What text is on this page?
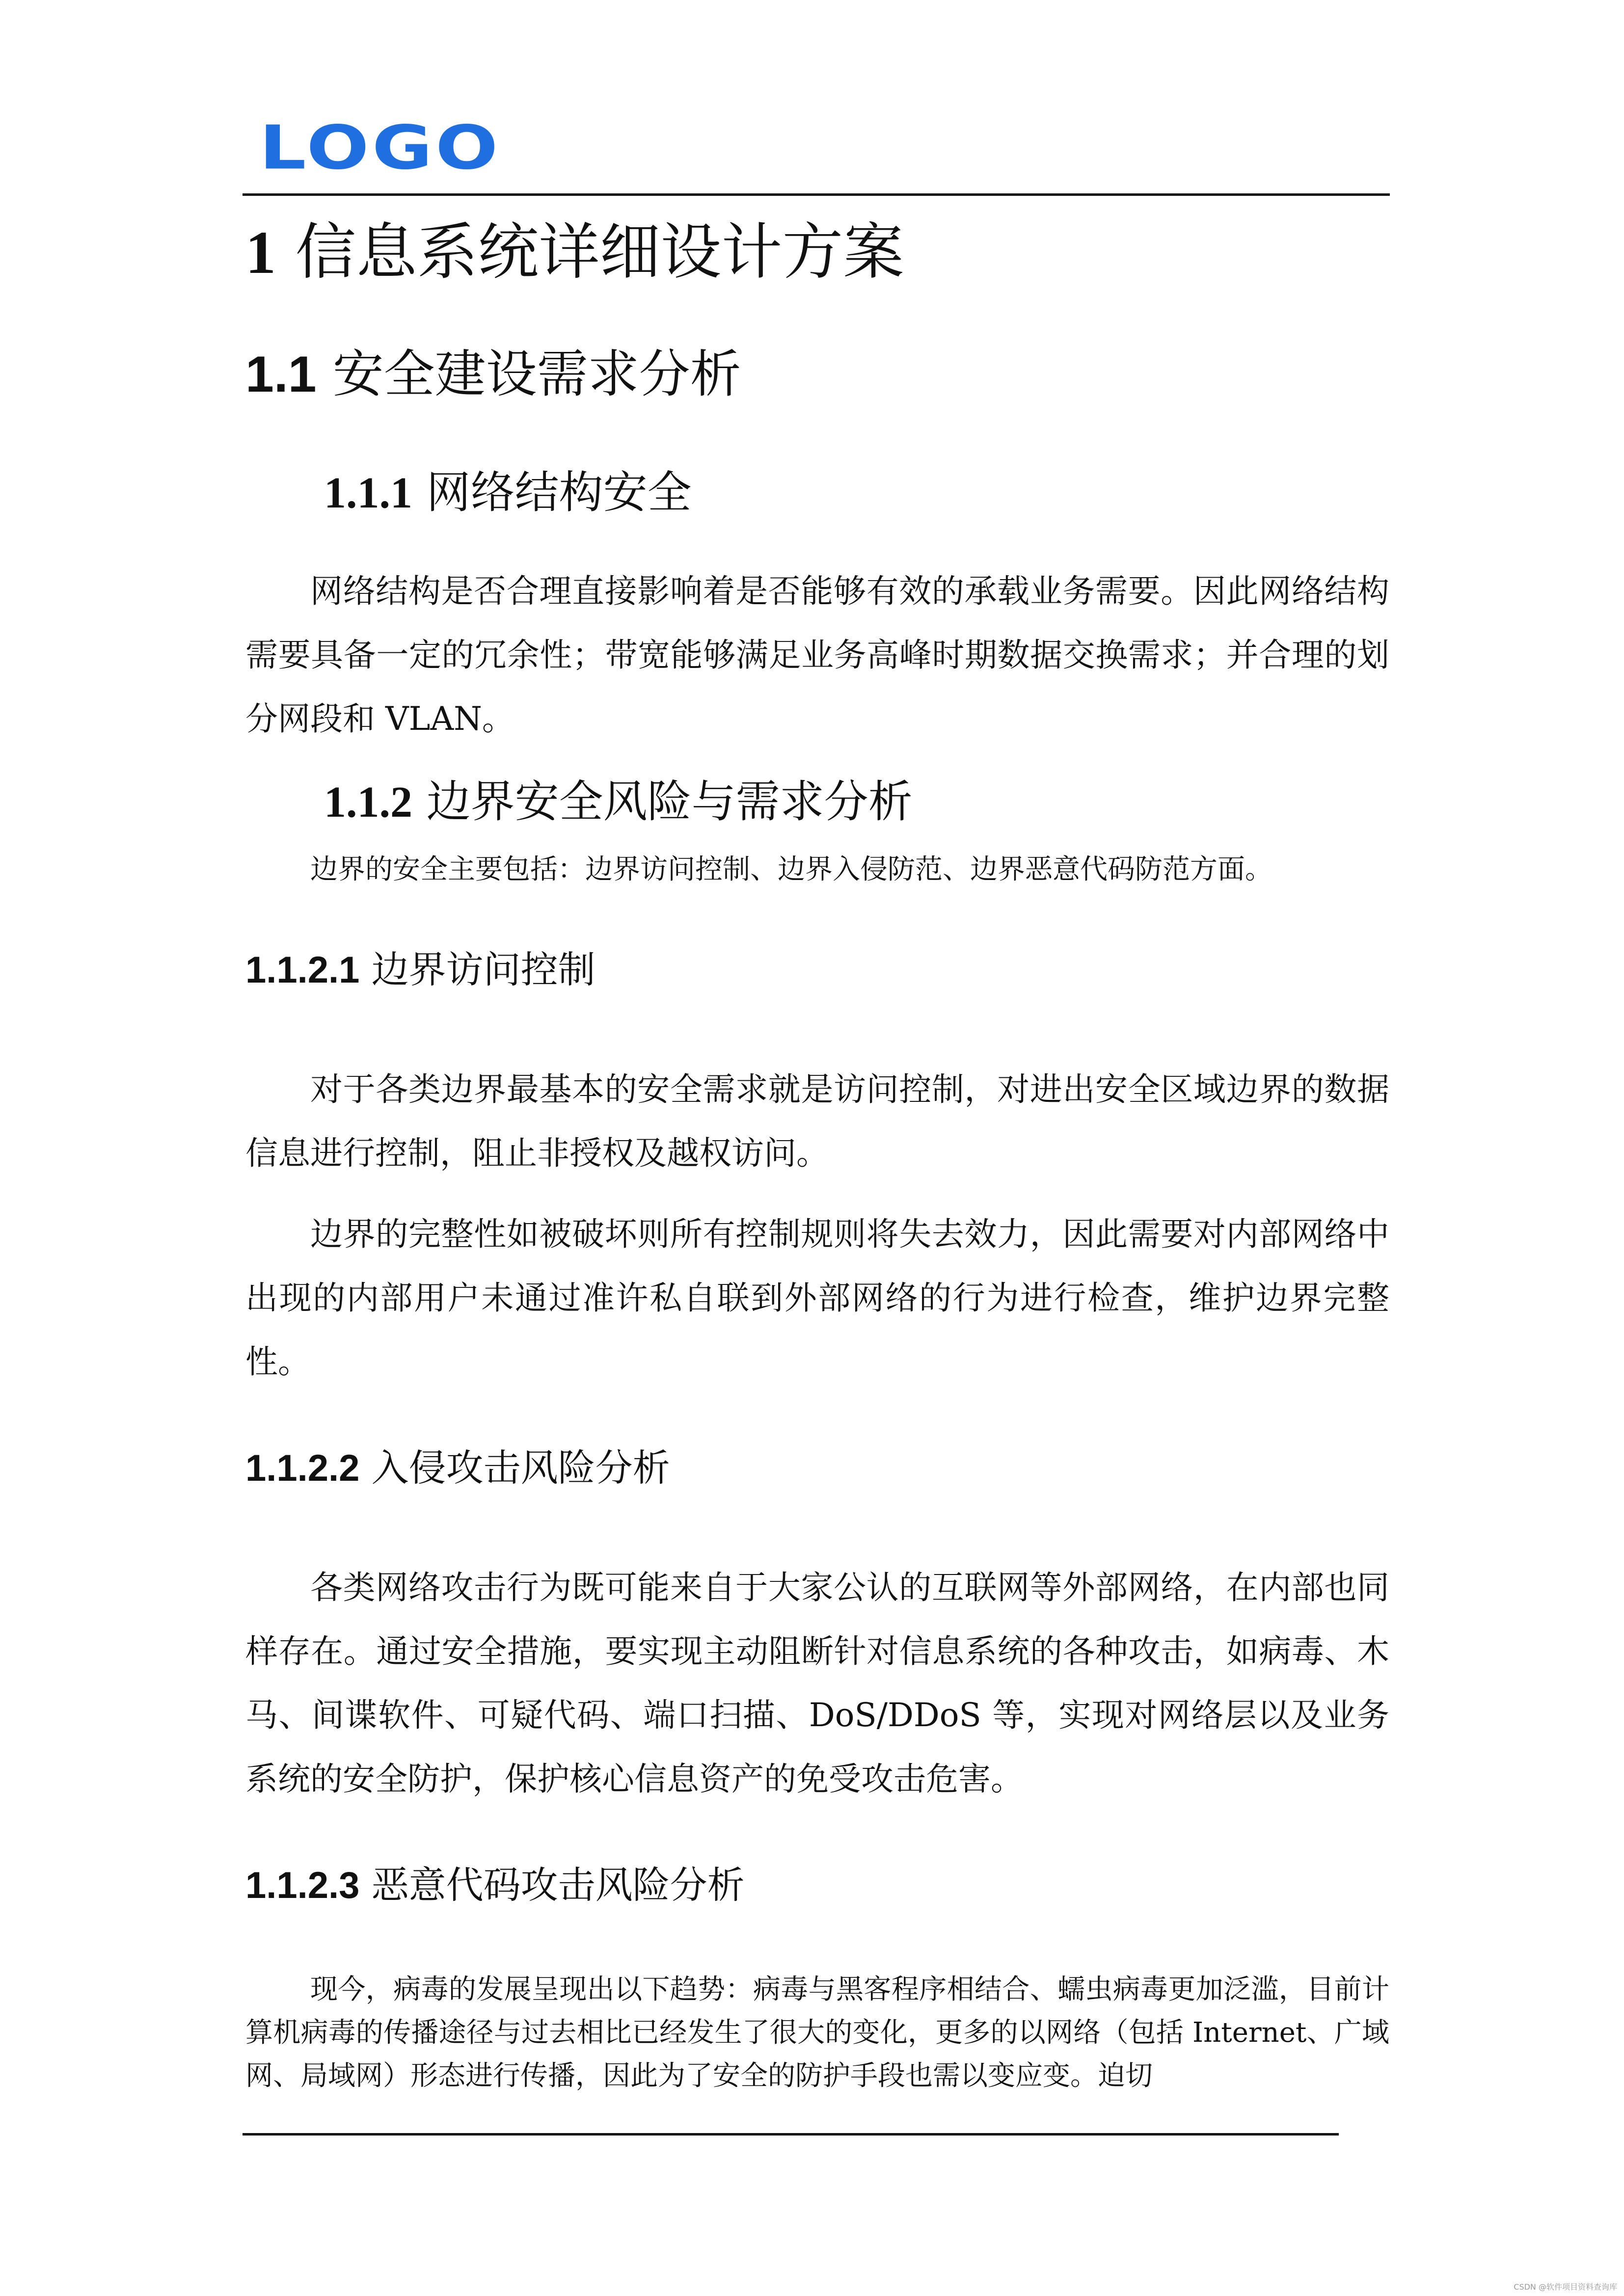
LOGO
1 信息系统详细设计方案
1.1 安全建设需求分析
1.1.1 网络结构安全

网络结构是否合理直接影响着是否能够有效的承载业务需要。因此网络结构需要具备一定的冗余性；带宽能够满足业务高峰时期数据交换需求；并合理的划分网段和 VLAN。

1.1.2 边界安全风险与需求分析

边界的安全主要包括：边界访问控制、边界入侵防范、边界恶意代码防范方面。

1.1.2.1 边界访问控制

对于各类边界最基本的安全需求就是访问控制，对进出安全区域边界的数据信息进行控制，阻止非授权及越权访问。

边界的完整性如被破坏则所有控制规则将失去效力，因此需要对内部网络中出现的内部用户未通过准许私自联到外部网络的行为进行检查，维护边界完整性。

1.1.2.2 入侵攻击风险分析

各类网络攻击行为既可能来自于大家公认的互联网等外部网络，在内部也同样存在。通过安全措施，要实现主动阻断针对信息系统的各种攻击，如病毒、木马、间谍软件、可疑代码、端口扫描、DoS/DDoS 等，实现对网络层以及业务系统的安全防护，保护核心信息资产的免受攻击危害。

1.1.2.3 恶意代码攻击风险分析

现今，病毒的发展呈现出以下趋势：病毒与黑客程序相结合、蠕虫病毒更加泛滥，目前计算机病毒的传播途径与过去相比已经发生了很大的变化，更多的以网络（包括 Internet、广域网、局域网）形态进行传播，因此为了安全的防护手段也需以变应变。迫切

CSDN @软件项目资料查询库
